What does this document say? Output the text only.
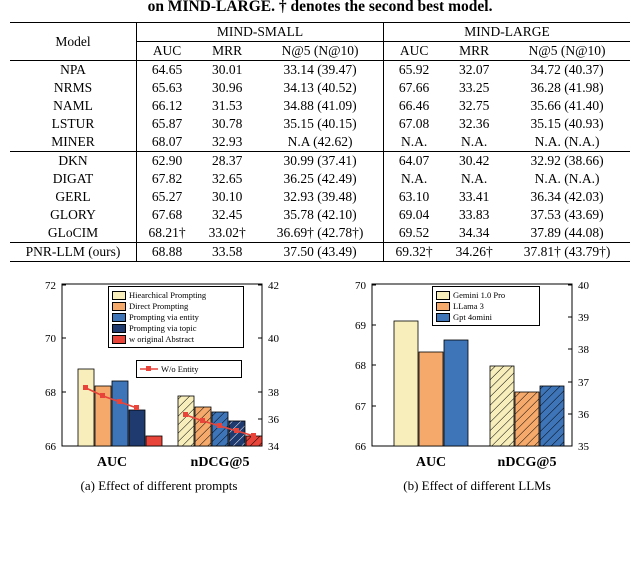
on MIND-LARGE. † denotes the second best model.
Model	MIND-SMALL			MIND-LARGE		
	AUC	MRR	N@5 (N@10)	AUC	MRR	N@5 (N@10)
NPA	64.65	30.01	33.14 (39.47)	65.92	32.07	34.72 (40.37)
NRMS	65.63	30.96	34.13 (40.52)	67.66	33.25	36.28 (41.98)
NAML	66.12	31.53	34.88 (41.09)	66.46	32.75	35.66 (41.40)
LSTUR	65.87	30.78	35.15 (40.15)	67.08	32.36	35.15 (40.93)
MINER	68.07	32.93	N.A (42.62)	N.A.	N.A.	N.A. (N.A.)
DKN	62.90	28.37	30.99 (37.41)	64.07	30.42	32.92 (38.66)
DIGAT	67.82	32.65	36.25 (42.49)	N.A.	N.A.	N.A. (N.A.)
GERL	65.27	30.10	32.93 (39.48)	63.10	33.41	36.34 (42.03)
GLORY	67.68	32.45	35.78 (42.10)	69.04	33.83	37.53 (43.69)
GLoCIM	68.21†	33.02†	36.69† (42.78†)	69.52	34.34	37.89 (44.08)
PNR-LLM (ours)	68.88	33.58	37.50 (43.49)	69.32†	34.26†	37.81† (43.79†)
66
68
70
72
34
36
38
40
42
AUC	nDCG@5
Hiearchical Prompting
Direct Prompting
Prompting via entity
Prompting via topic
w original Abstract
W/o Entity
66
67
68
69
70
35
36
37
38
39
40
AUC	nDCG@5
Gemini 1.0 Pro
LLama 3
Gpt 4omini
(a) Effect of different prompts	(b) Effect of different LLMs
